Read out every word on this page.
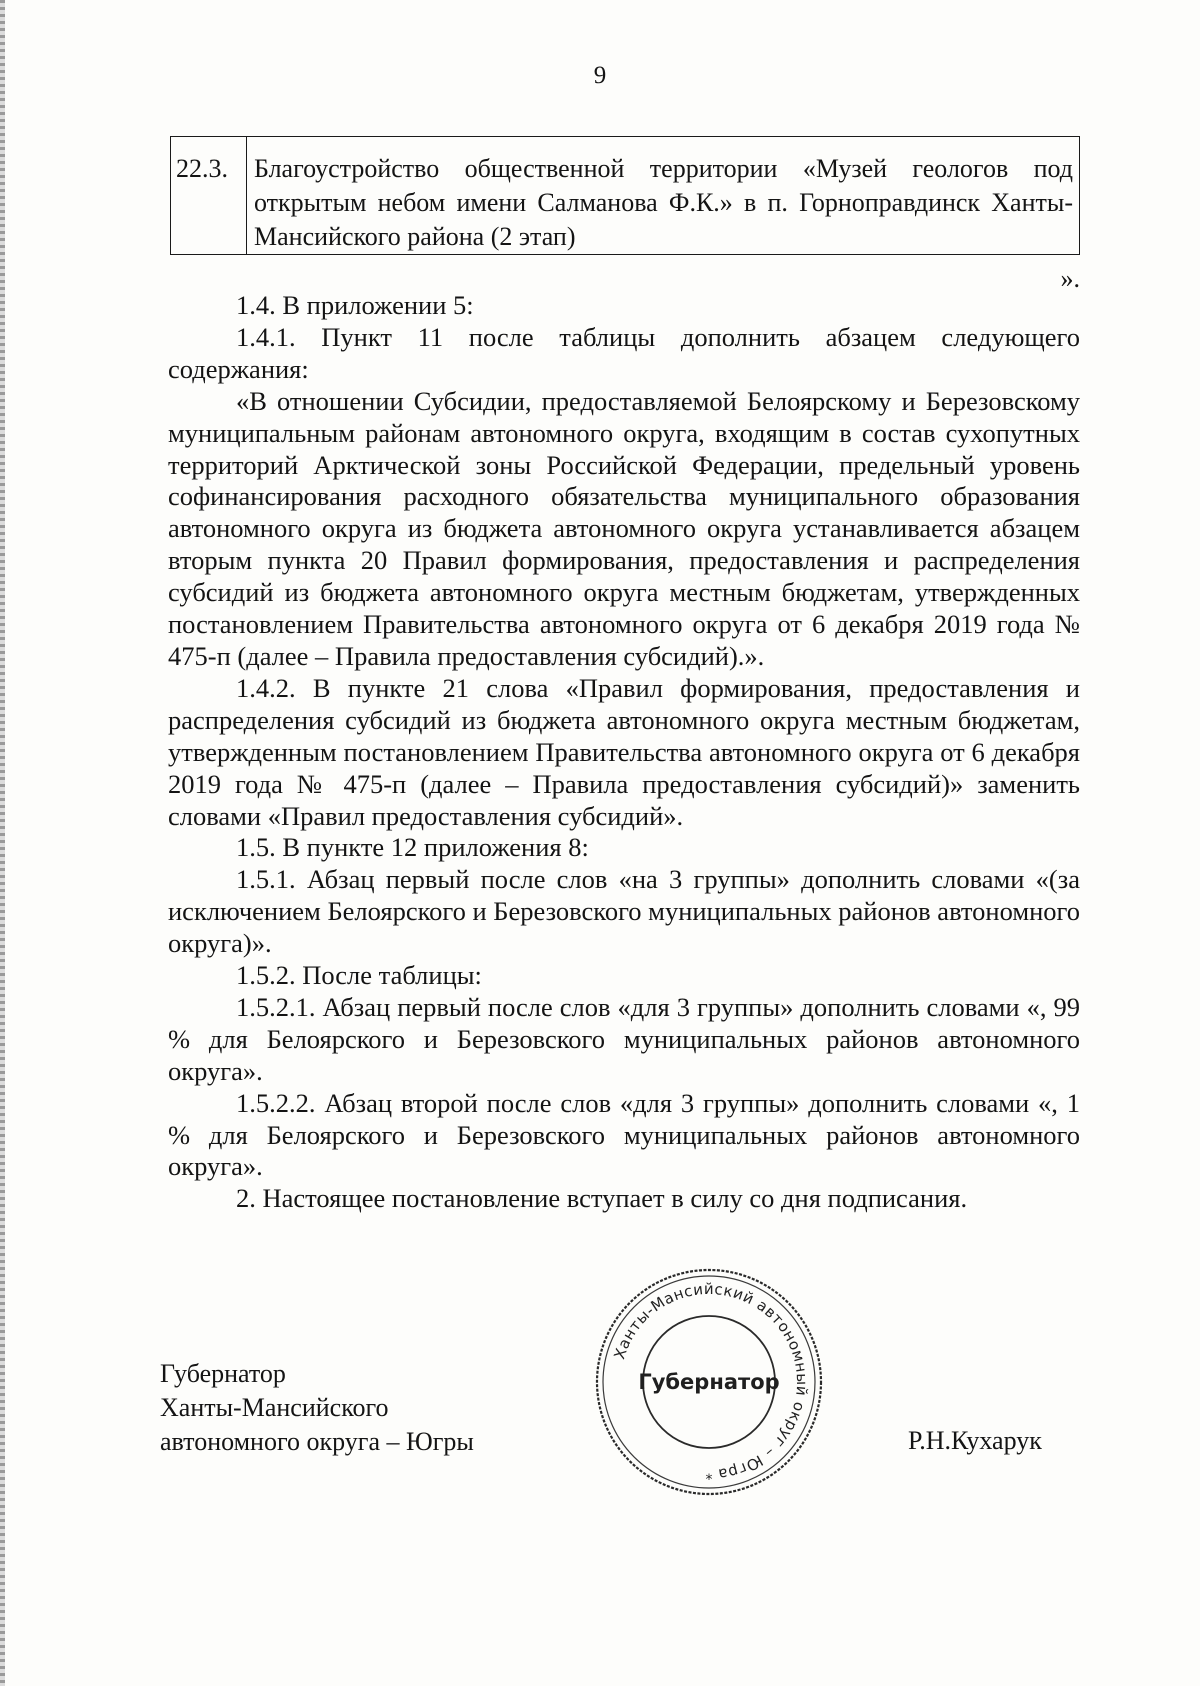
9
22.3.	Благоустройство общественной территории «Музей геологов под открытым небом имени Салманова Ф.К.» в п. Горноправдинск Ханты-Мансийского района (2 этап)
».

1.4. В приложении 5:

1.4.1. Пункт 11 после таблицы дополнить абзацем следующего содержания:

«В отношении Субсидии, предоставляемой Белоярскому и Березовскому муниципальным районам автономного округа, входящим в состав сухопутных территорий Арктической зоны Российской Федерации, предельный уровень софинансирования расходного обязательства муниципального образования автономного округа из бюджета автономного округа устанавливается абзацем вторым пункта 20 Правил формирования, предоставления и распределения субсидий из бюджета автономного округа местным бюджетам, утвержденных постановлением Правительства автономного округа от 6 декабря 2019 года № 475-п (далее – Правила предоставления субсидий).».

1.4.2. В пункте 21 слова «Правил формирования, предоставления и распределения субсидий из бюджета автономного округа местным бюджетам, утвержденным постановлением Правительства автономного округа от 6 декабря 2019 года № 475-п (далее – Правила предоставления субсидий)» заменить словами «Правил предоставления субсидий».

1.5. В пункте 12 приложения 8:

1.5.1. Абзац первый после слов «на 3 группы» дополнить словами «(за исключением Белоярского и Березовского муниципальных районов автономного округа)».

1.5.2. После таблицы:

1.5.2.1. Абзац первый после слов «для 3 группы» дополнить словами «, 99 % для Белоярского и Березовского муниципальных районов автономного округа».

1.5.2.2. Абзац второй после слов «для 3 группы» дополнить словами «, 1 % для Белоярского и Березовского муниципальных районов автономного округа».

2. Настоящее постановление вступает в силу со дня подписания.

Губернатор
Ханты-Мансийского
автономного округа – Югры
Ханты-Мансийский автономный округ – Югра
Губернатор
*
Р.Н.Кухарук
